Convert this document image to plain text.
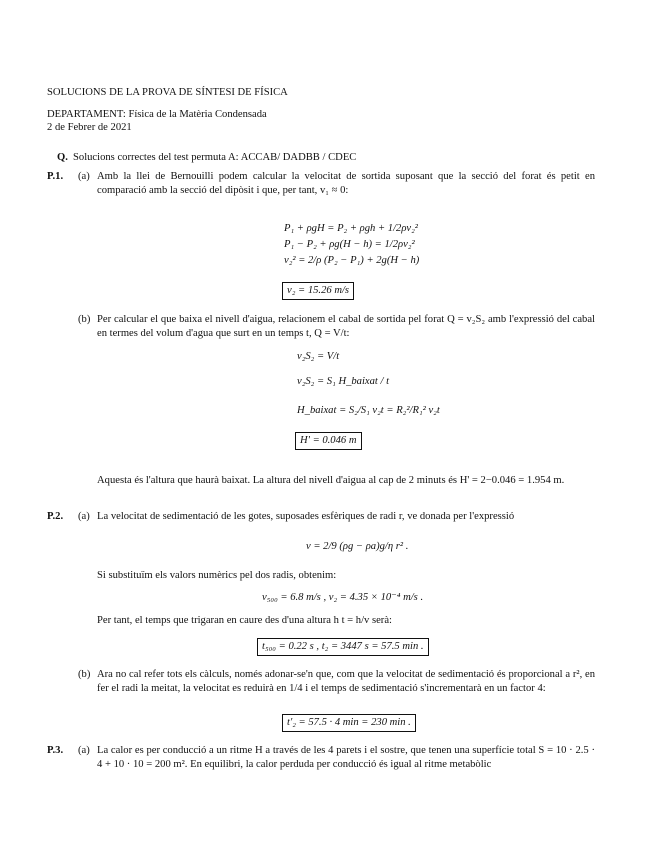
SOLUCIONS DE LA PROVA DE SÍNTESI DE FÍSICA
DEPARTAMENT: Física de la Matèria Condensada
2 de Febrer de 2021
Q. Solucions correctes del test permuta A: ACCAB/ DADBB / CDEC
P.1. (a) Amb la llei de Bernouilli podem calcular la velocitat de sortida suposant que la secció del forat és petit en comparació amb la secció del dipòsit i que, per tant, v₁ ≈ 0:
P₁ + ρgH = P₂ + ρgh + 1/2ρv₂²
P₁ − P₂ + ρg(H − h) = 1/2ρv₂²
v₂² = 2/ρ (P₂ − P₁) + 2g(H − h)
v₂ = 15.26 m/s
(b) Per calcular el que baixa el nivell d'aigua, relacionem el cabal de sortida pel forat Q = v₂S₂ amb l'expressió del cabal en termes del volum d'agua que surt en un temps t, Q = V/t:
v₂S₂ = V/t
v₂S₂ = S₁ H_baixat / t
H_baixat = S₂/S₁ v₂t = R₂²/R₁² v₂t
H' = 0.046 m
Aquesta és l'altura que haurà baixat. La altura del nivell d'aigua al cap de 2 minuts és H' = 2−0.046 = 1.954 m.
P.2. (a) La velocitat de sedimentació de les gotes, suposades esfèriques de radi r, ve donada per l'expressió
v = 2/9 (ρg − ρa)g/η r² .
Si substituïm els valors numèrics pel dos radis, obtenim:
v₅₀₀ = 6.8 m/s , v₂ = 4.35 × 10⁻⁴ m/s .
Per tant, el temps que trigaran en caure des d'una altura h t = h/v serà:
t₅₀₀ = 0.22 s , t₂ = 3447 s = 57.5 min .
(b) Ara no cal refer tots els càlculs, només adonar-se'n que, com que la velocitat de sedimentació és proporcional a r², en fer el radi la meitat, la velocitat es reduirà en 1/4 i el temps de sedimentació s'incrementarà en un factor 4:
t'₂ = 57.5 · 4 min = 230 min .
P.3. (a) La calor es per conducció a un ritme H a través de les 4 parets i el sostre, que tenen una superfície total S = 10 · 2.5 · 4 + 10 · 10 = 200 m². En equilibri, la calor perduda per conducció és igual al ritme metabòlic
